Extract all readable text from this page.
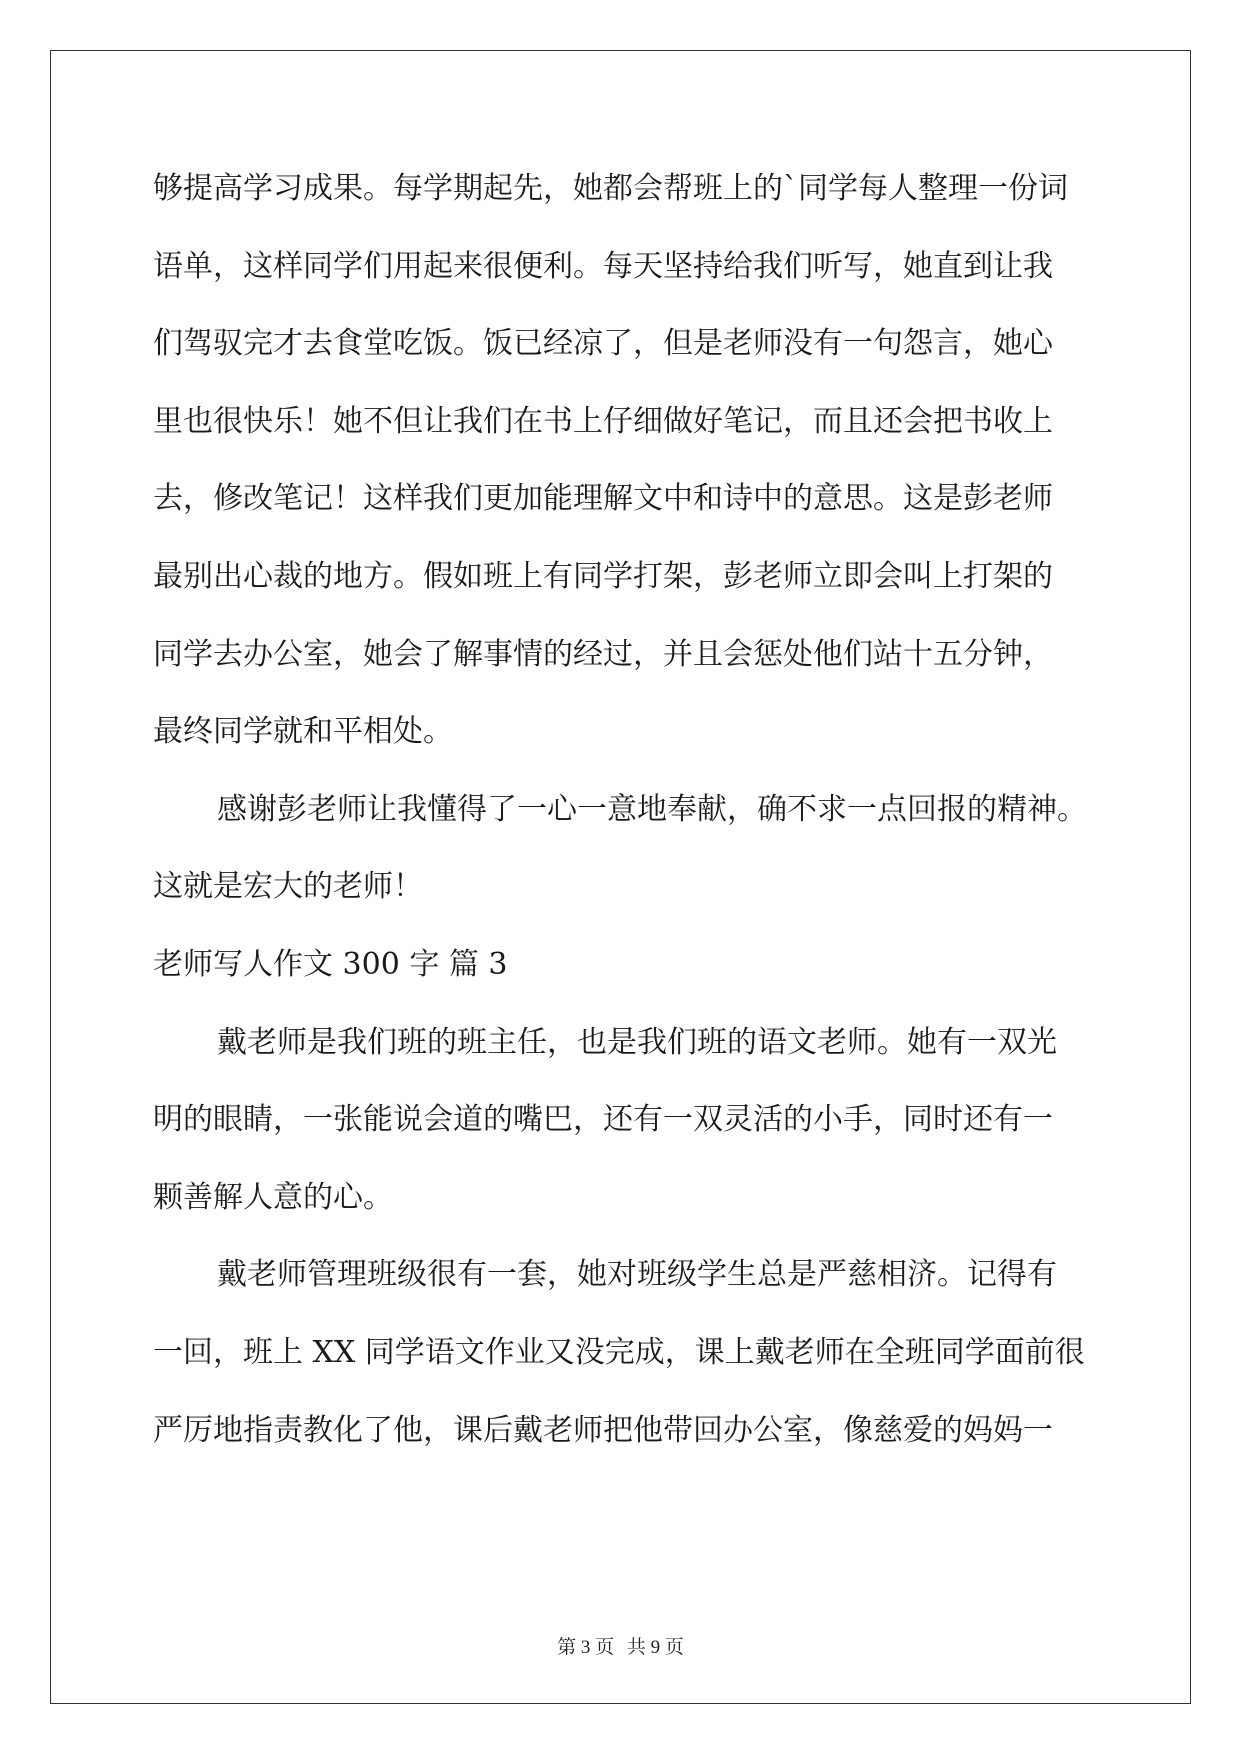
够提高学习成果。每学期起先，她都会帮班上的`同学每人整理一份词
语单，这样同学们用起来很便利。每天坚持给我们听写，她直到让我
们驾驭完才去食堂吃饭。饭已经凉了，但是老师没有一句怨言，她心
里也很快乐！她不但让我们在书上仔细做好笔记，而且还会把书收上
去，修改笔记！这样我们更加能理解文中和诗中的意思。这是彭老师
最别出心裁的地方。假如班上有同学打架，彭老师立即会叫上打架的
同学去办公室，她会了解事情的经过，并且会惩处他们站十五分钟，
最终同学就和平相处。
感谢彭老师让我懂得了一心一意地奉献，确不求一点回报的精神。
这就是宏大的老师！
老师写人作文 300 字 篇 3
戴老师是我们班的班主任，也是我们班的语文老师。她有一双光
明的眼睛，一张能说会道的嘴巴，还有一双灵活的小手，同时还有一
颗善解人意的心。
戴老师管理班级很有一套，她对班级学生总是严慈相济。记得有
一回，班上 XX 同学语文作业又没完成，课上戴老师在全班同学面前很
严厉地指责教化了他，课后戴老师把他带回办公室，像慈爱的妈妈一
第 3 页 共 9 页
